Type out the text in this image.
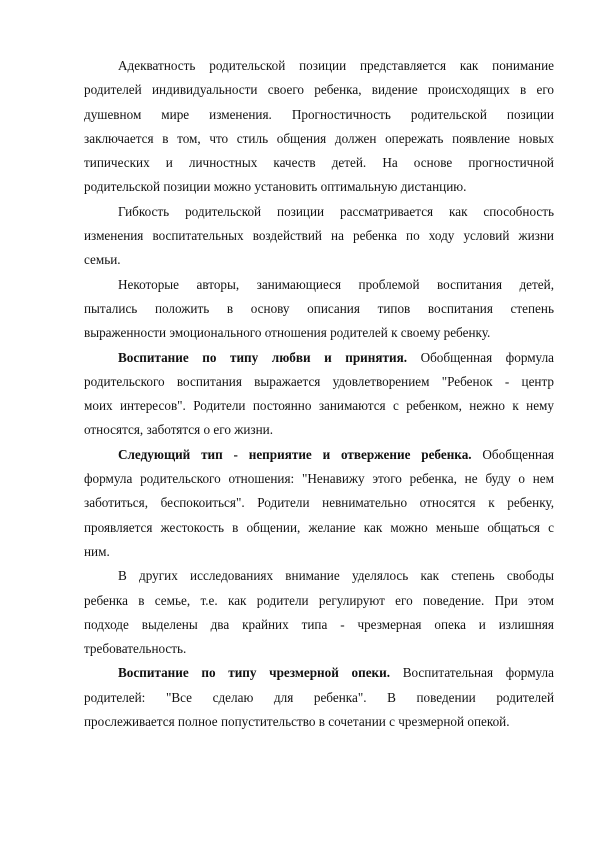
Адекватность родительской позиции представляется как понимание
родителей индивидуальности своего ребенка, видение происходящих в его
душевном мире изменения. Прогностичность родительской позиции
заключается в том, что стиль общения должен опережать появление новых
типических и личностных качеств детей. На основе прогностичной
родительской позиции можно установить оптимальную дистанцию.
Гибкость родительской позиции рассматривается как способность
изменения воспитательных воздействий на ребенка по ходу условий жизни
семьи.
Некоторые авторы, занимающиеся проблемой воспитания детей,
пытались положить в основу описания типов воспитания степень
выраженности эмоционального отношения родителей к своему ребенку.
Воспитание по типу любви и принятия. Обобщенная формула
родительского воспитания выражается удовлетворением "Ребенок - центр
моих интересов". Родители постоянно занимаются с ребенком, нежно к нему
относятся, заботятся о его жизни.
Следующий тип - неприятие и отвержение ребенка. Обобщенная
формула родительского отношения: "Ненавижу этого ребенка, не буду о нем
заботиться, беспокоиться". Родители невнимательно относятся к ребенку,
проявляется жестокость в общении, желание как можно меньше общаться с
ним.
В других исследованиях внимание уделялось как степень свободы
ребенка в семье, т.е. как родители регулируют его поведение. При этом
подходе выделены два крайних типа - чрезмерная опека и излишняя
требовательность.
Воспитание по типу чрезмерной опеки. Воспитательная формула
родителей: "Все сделаю для ребенка". В поведении родителей
прослеживается полное попустительство в сочетании с чрезмерной опекой.
